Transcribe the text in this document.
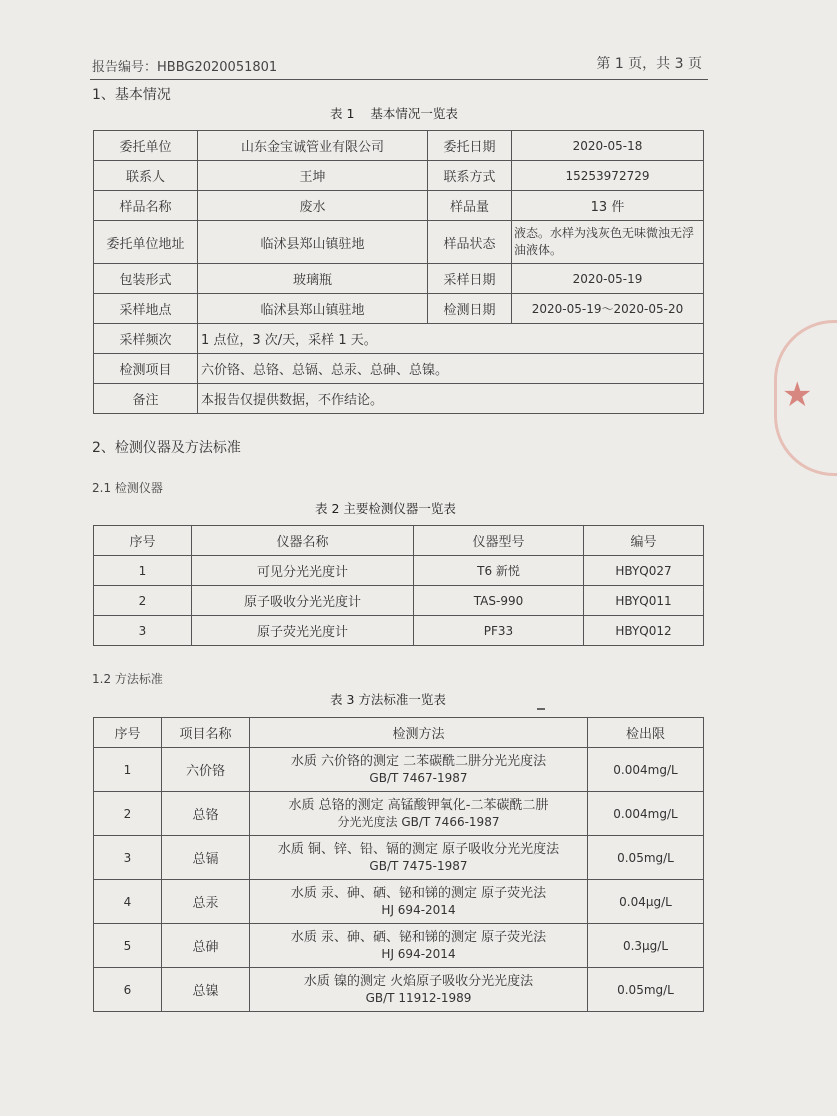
报告编号：HBBG2020051801	第 1 页，共 3 页
1、基本情况
表 1 基本情况一览表
委托单位	山东金宝诚管业有限公司	委托日期	2020-05-18
联系人	王坤	联系方式	15253972729
样品名称	废水	样品量	13 件
委托单位地址	临沭县郑山镇驻地	样品状态	液态。水样为浅灰色无味微浊无浮油液体。
包装形式	玻璃瓶	采样日期	2020-05-19
采样地点	临沭县郑山镇驻地	检测日期	2020-05-19～2020-05-20
采样频次	1 点位，3 次/天，采样 1 天。		
检测项目	六价铬、总铬、总镉、总汞、总砷、总镍。		
备注	本报告仅提供数据，不作结论。		
2、检测仪器及方法标准
2.1 检测仪器
表 2 主要检测仪器一览表
序号	仪器名称	仪器型号	编号
1	可见分光光度计	T6 新悦	HBYQ027
2	原子吸收分光光度计	TAS-990	HBYQ011
3	原子荧光光度计	PF33	HBYQ012
1.2 方法标准
表 3 方法标准一览表
序号	项目名称	检测方法	检出限
1	六价铬	水质 六价铬的测定 二苯碳酰二肼分光光度法
GB/T 7467-1987	0.004mg/L
2	总铬	水质 总铬的测定 高锰酸钾氧化-二苯碳酰二肼
分光光度法 GB/T 7466-1987	0.004mg/L
3	总镉	水质 铜、锌、铅、镉的测定 原子吸收分光光度法
GB/T 7475-1987	0.05mg/L
4	总汞	水质 汞、砷、硒、铋和锑的测定 原子荧光法
HJ 694-2014	0.04μg/L
5	总砷	水质 汞、砷、硒、铋和锑的测定 原子荧光法
HJ 694-2014	0.3μg/L
6	总镍	水质 镍的测定 火焰原子吸收分光光度法
GB/T 11912-1989	0.05mg/L
★
